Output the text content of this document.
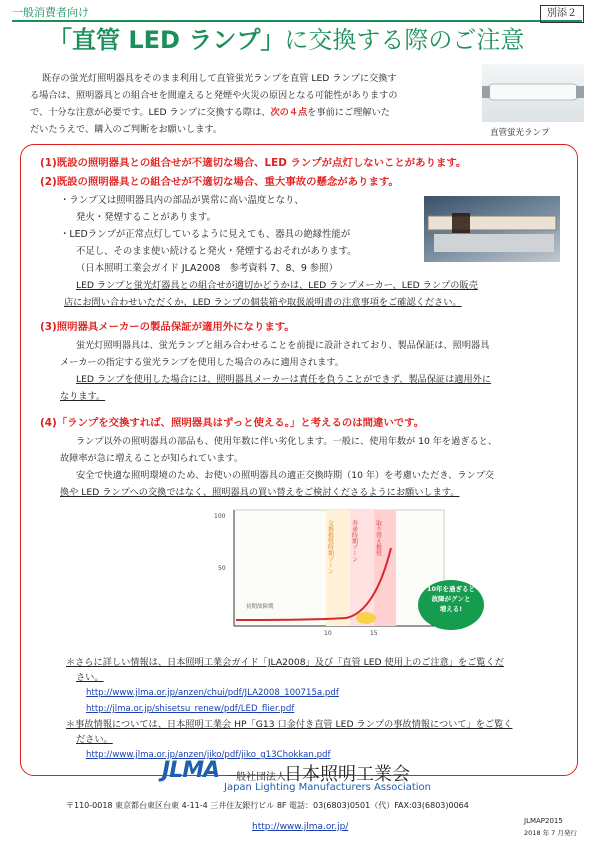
一般消費者向け	別添２
「直管 LED ランプ」に交換する際のご注意
既存の蛍光灯照明器具をそのまま利用して直管蛍光ランプを直管 LED ランプに交換す
る場合は、照明器具との組合せを間違えると発煙や火災の原因となる可能性がありますの
で、十分な注意が必要です。LED ランプに交換する際は、次の４点を事前にご理解いた
だいたうえで、購入のご判断をお願いします。	直管蛍光ランプ
(1)既設の照明器具との組合せが不適切な場合、LED ランプが点灯しないことがあります。
(2)既設の照明器具との組合せが不適切な場合、重大事故の懸念があります。
・ランプ又は照明器具内の部品が異常に高い温度となり、
発火・発煙することがあります。
・LEDランプが正常点灯しているように見えても、器具の絶縁性能が
不足し、そのまま使い続けると発火・発煙するおそれがあります。
（日本照明工業会ガイド JLA2008　参考資料 7、8、9 参照）
LED ランプと蛍光灯器具との組合せが適切かどうかは、LED ランプメーカー、LED ランプの販売
店にお問い合わせいただくか、LED ランプの個装箱や取扱説明書の注意事項をご確認ください。
(3)照明器具メーカーの製品保証が適用外になります。
蛍光灯照明器具は、蛍光ランプと組み合わせることを前提に設計されており、製品保証は、照明器具
メーカーの指定する蛍光ランプを使用した場合のみに適用されます。
LED ランプを使用した場合には、照明器具メーカーは責任を負うことができず、製品保証は適用外に
なります。
(4)「ランプを交換すれば、照明器具はずっと使える。」と考えるのは間違いです。
ランプ以外の照明器具の部品も、使用年数に伴い劣化します。一般に、使用年数が 10 年を過ぎると、
故障率が急に増えることが知られています。
安全で快適な照明環境のため、お使いの照明器具の適正交換時期（10 年）を考慮いただき、ランプ交
換や LED ランプへの交換ではなく、照明器具の買い替えをご検討くださるようにお願いします。
100
50
10	15
初期故障期
交換推奨時期ゾーン	寿命時期ゾーン	取り替え推奨
10年を過ぎると
故障がグンと
増える!
＊さらに詳しい情報は、日本照明工業会ガイド「JLA2008」及び「直管 LED 使用上のご注意」をご覧くだ
さい。
http://www.jlma.or.jp/anzen/chui/pdf/JLA2008_100715a.pdf
http://jlma.or.jp/shisetsu_renew/pdf/LED_flier.pdf
＊事故情報については、日本照明工業会 HP「G13 口金付き直管 LED ランプの事故情報について」をご覧く
ださい。
http://www.jlma.or.jp/anzen/jiko/pdf/jiko_g13Chokkan.pdf
JLMA 一般社団法人
日本照明工業会
Japan Lighting Manufacturers Association
〒110-0018 東京都台東区台東 4-11-4 三井住友銀行ビル 8F 電話：03(6803)0501（代）FAX:03(6803)0064
http://www.jlma.or.jp/
JLMAP2015
2018 年 7 月発行
